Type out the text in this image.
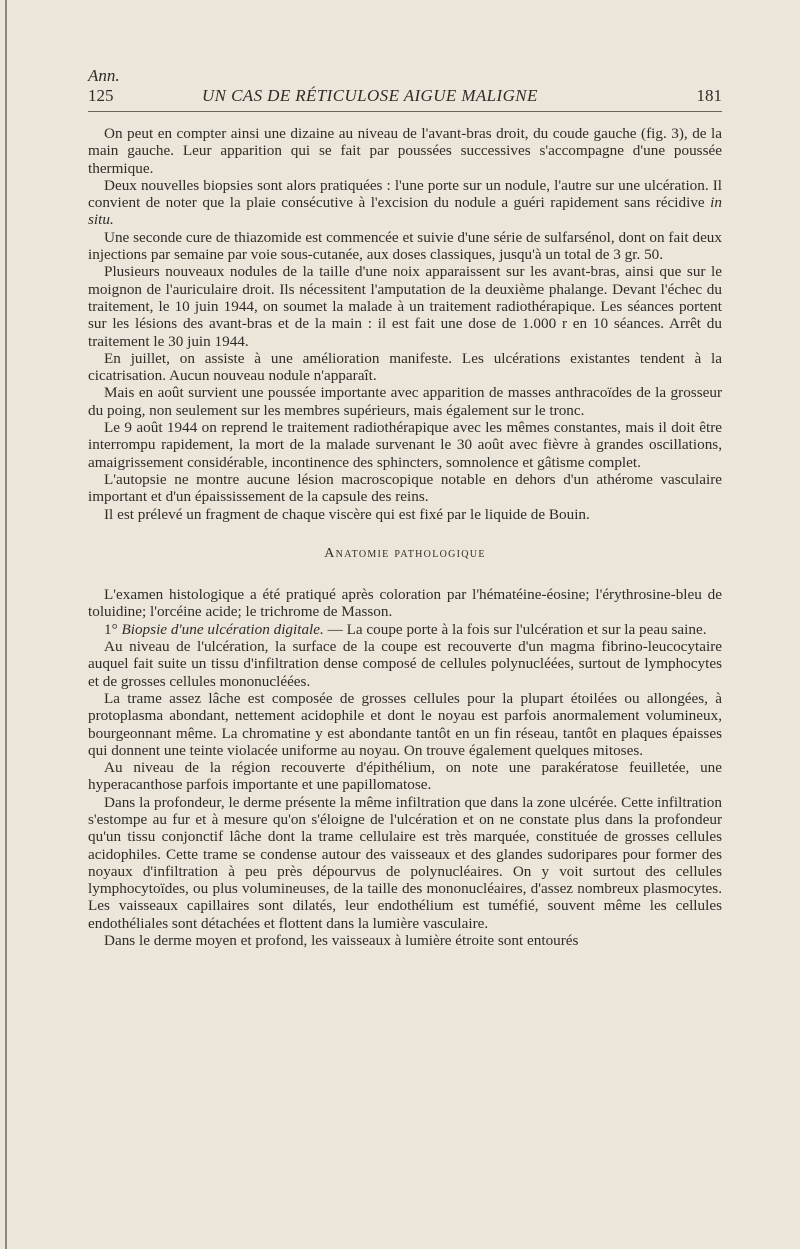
Ann.
125	UN CAS DE RÉTICULOSE AIGUE MALIGNE	181

On peut en compter ainsi une dizaine au niveau de l'avant-bras droit, du coude gauche (fig. 3), de la main gauche. Leur apparition qui se fait par poussées successives s'accompagne d'une poussée thermique.

Deux nouvelles biopsies sont alors pratiquées : l'une porte sur un nodule, l'autre sur une ulcération. Il convient de noter que la plaie consécutive à l'excision du nodule a guéri rapidement sans récidive in situ.

Une seconde cure de thiazomide est commencée et suivie d'une série de sulfarsénol, dont on fait deux injections par semaine par voie sous-cutanée, aux doses classiques, jusqu'à un total de 3 gr. 50.

Plusieurs nouveaux nodules de la taille d'une noix apparaissent sur les avant-bras, ainsi que sur le moignon de l'auriculaire droit. Ils nécessitent l'amputation de la deuxième phalange. Devant l'échec du traitement, le 10 juin 1944, on soumet la malade à un traitement radiothérapique. Les séances portent sur les lésions des avant-bras et de la main : il est fait une dose de 1.000 r en 10 séances. Arrêt du traitement le 30 juin 1944.

En juillet, on assiste à une amélioration manifeste. Les ulcérations existantes tendent à la cicatrisation. Aucun nouveau nodule n'apparaît.

Mais en août survient une poussée importante avec apparition de masses anthracoïdes de la grosseur du poing, non seulement sur les membres supérieurs, mais également sur le tronc.

Le 9 août 1944 on reprend le traitement radiothérapique avec les mêmes constantes, mais il doit être interrompu rapidement, la mort de la malade survenant le 30 août avec fièvre à grandes oscillations, amaigrissement considérable, incontinence des sphincters, somnolence et gâtisme complet.

L'autopsie ne montre aucune lésion macroscopique notable en dehors d'un athérome vasculaire important et d'un épaississement de la capsule des reins.

Il est prélevé un fragment de chaque viscère qui est fixé par le liquide de Bouin.

Anatomie pathologique

L'examen histologique a été pratiqué après coloration par l'hématéine-éosine; l'érythrosine-bleu de toluidine; l'orcéine acide; le trichrome de Masson.

1° Biopsie d'une ulcération digitale. — La coupe porte à la fois sur l'ulcération et sur la peau saine.

Au niveau de l'ulcération, la surface de la coupe est recouverte d'un magma fibrino-leucocytaire auquel fait suite un tissu d'infiltration dense composé de cellules polynucléées, surtout de lymphocytes et de grosses cellules mononucléées.

La trame assez lâche est composée de grosses cellules pour la plupart étoilées ou allongées, à protoplasma abondant, nettement acidophile et dont le noyau est parfois anormalement volumineux, bourgeonnant même. La chromatine y est abondante tantôt en un fin réseau, tantôt en plaques épaisses qui donnent une teinte violacée uniforme au noyau. On trouve également quelques mitoses.

Au niveau de la région recouverte d'épithélium, on note une parakératose feuilletée, une hyperacanthose parfois importante et une papillomatose.

Dans la profondeur, le derme présente la même infiltration que dans la zone ulcérée. Cette infiltration s'estompe au fur et à mesure qu'on s'éloigne de l'ulcération et on ne constate plus dans la profondeur qu'un tissu conjonctif lâche dont la trame cellulaire est très marquée, constituée de grosses cellules acidophiles. Cette trame se condense autour des vaisseaux et des glandes sudoripares pour former des noyaux d'infiltration à peu près dépourvus de polynucléaires. On y voit surtout des cellules lymphocytoïdes, ou plus volumineuses, de la taille des mononucléaires, d'assez nombreux plasmocytes. Les vaisseaux capillaires sont dilatés, leur endothélium est tuméfié, souvent même les cellules endothéliales sont détachées et flottent dans la lumière vasculaire.

Dans le derme moyen et profond, les vaisseaux à lumière étroite sont entourés
